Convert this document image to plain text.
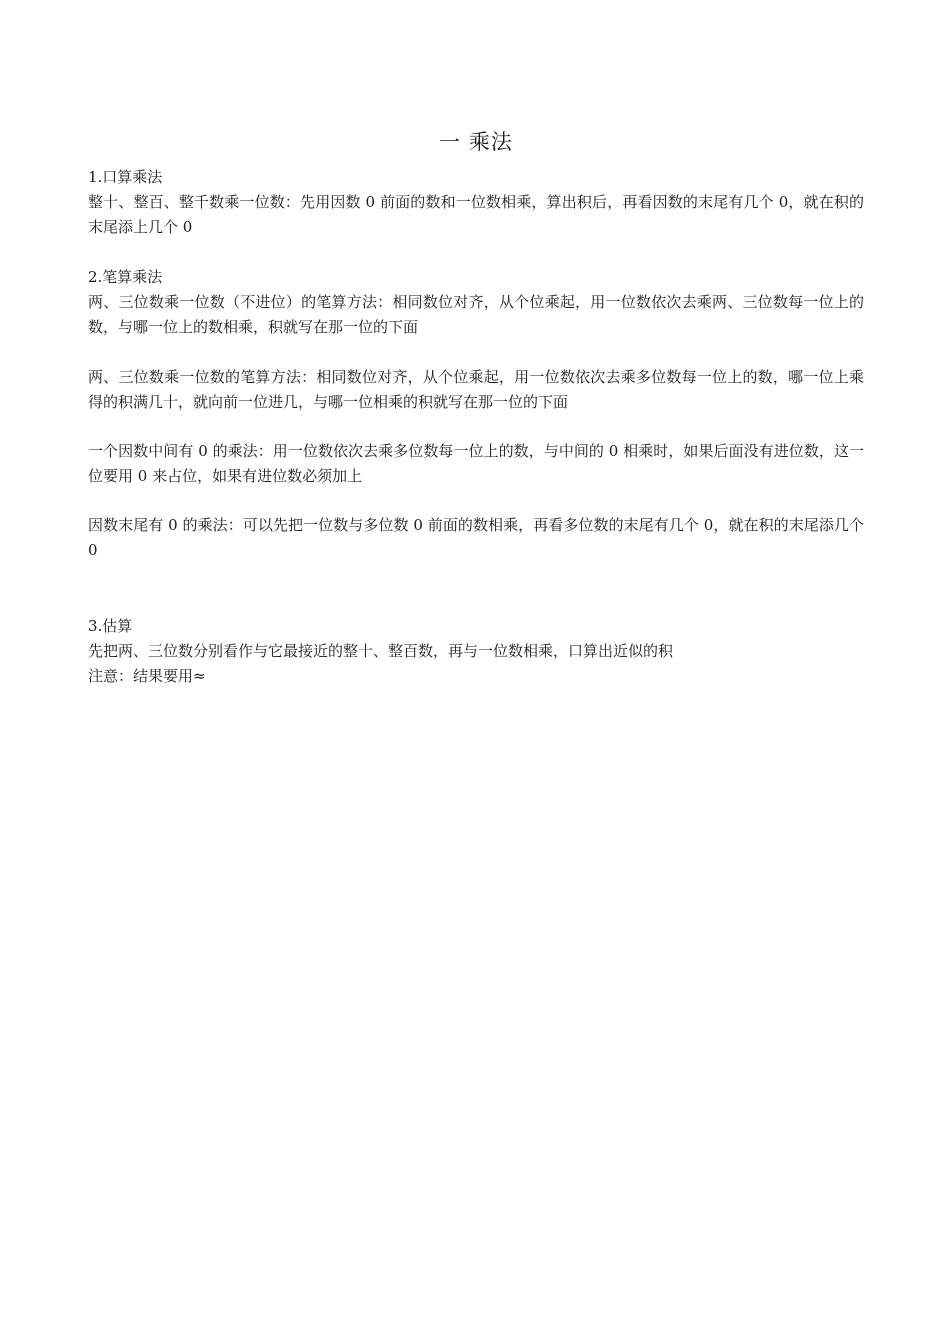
一 乘法
1.口算乘法

整十、整百、整千数乘一位数：先用因数 0 前面的数和一位数相乘，算出积后，再看因数的末尾有几个 0，就在积的末尾添上几个 0

2.笔算乘法

两、三位数乘一位数（不进位）的笔算方法：相同数位对齐，从个位乘起，用一位数依次去乘两、三位数每一位上的数，与哪一位上的数相乘，积就写在那一位的下面

两、三位数乘一位数的笔算方法：相同数位对齐，从个位乘起，用一位数依次去乘多位数每一位上的数，哪一位上乘得的积满几十，就向前一位进几，与哪一位相乘的积就写在那一位的下面

一个因数中间有 0 的乘法：用一位数依次去乘多位数每一位上的数，与中间的 0 相乘时，如果后面没有进位数，这一位要用 0 来占位，如果有进位数必须加上

因数末尾有 0 的乘法：可以先把一位数与多位数 0 前面的数相乘，再看多位数的末尾有几个 0，就在积的末尾添几个 0

3.估算

先把两、三位数分别看作与它最接近的整十、整百数，再与一位数相乘，口算出近似的积

注意：结果要用≈
